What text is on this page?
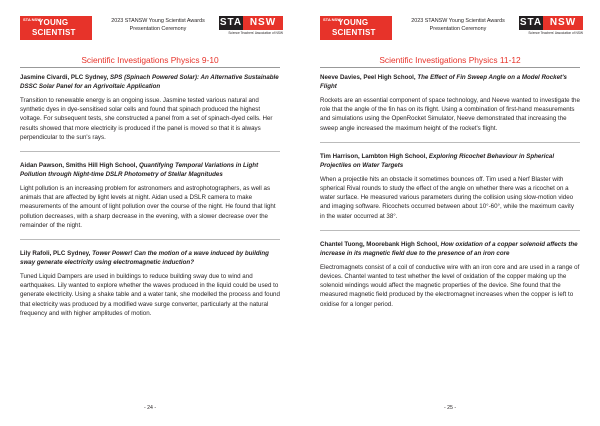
STA NSW
YOUNG
SCIENTIST
2023 STANSW Young Scientist Awards
Presentation Ceremony
STA NSW
Science Teachers' Association of NSW
Scientific Investigations Physics 9-10

Jasmine Civardi, PLC Sydney, SPS (Spinach Powered Solar): An Alternative Sustainable DSSC Solar Panel for an Agrivoltaic Application

Transition to renewable energy is an ongoing issue. Jasmine tested various natural and synthetic dyes in dye-sensitised solar cells and found that spinach produced the highest voltage. For subsequent tests, she constructed a panel from a set of spinach-dyed cells. Her results showed that more electricity is produced if the panel is moved so that it is always perpendicular to the sun's rays.

Aidan Pawson, Smiths Hill High School, Quantifying Temporal Variations in Light Pollution through Night-time DSLR Photometry of Stellar Magnitudes

Light pollution is an increasing problem for astronomers and astrophotographers, as well as animals that are affected by light levels at night. Aidan used a DSLR camera to make measurements of the amount of light pollution over the course of the night. He found that light pollution decreases, with a sharp decrease in the evening, with a slower decrease over the remainder of the night.

Lily Rafoli, PLC Sydney, Tower Power! Can the motion of a wave induced by building sway generate electricity using electromagnetic induction?

Tuned Liquid Dampers are used in buildings to reduce building sway due to wind and earthquakes. Lily wanted to explore whether the waves produced in the liquid could be used to generate electricity. Using a shake table and a water tank, she modelled the process and found that electricity was produced by a modified wave surge converter, particularly at the natural frequency and with higher amplitudes of motion.

- 24 -
STA NSW
YOUNG
SCIENTIST
2023 STANSW Young Scientist Awards
Presentation Ceremony
STA NSW
Science Teachers' Association of NSW
Scientific Investigations Physics 11-12

Neeve Davies, Peel High School, The Effect of Fin Sweep Angle on a Model Rocket's Flight

Rockets are an essential component of space technology, and Neeve wanted to investigate the role that the angle of the fin has on its flight. Using a combination of first-hand measurements and simulations using the OpenRocket Simulator, Neeve demonstrated that increasing the sweep angle increased the maximum height of the rocket's flight.

Tim Harrison, Lambton High School, Exploring Ricochet Behaviour in Spherical Projectiles on Water Targets

When a projectile hits an obstacle it sometimes bounces off. Tim used a Nerf Blaster with spherical Rival rounds to study the effect of the angle on whether there was a ricochet on a water surface. He measured various parameters during the collision using slow-motion video and imaging software. Ricochets occurred between about 10°-60°, while the maximum cavity in the water occurred at 38°.

Chantel Tuong, Moorebank High School, How oxidation of a copper solenoid affects the increase in its magnetic field due to the presence of an iron core

Electromagnets consist of a coil of conductive wire with an iron core and are used in a range of devices. Chantel wanted to test whether the level of oxidation of the copper making up the solenoid windings would affect the magnetic properties of the device. She found that the measured magnetic field produced by the electromagnet increases when the copper is left to oxidise for a longer period.

- 25 -
